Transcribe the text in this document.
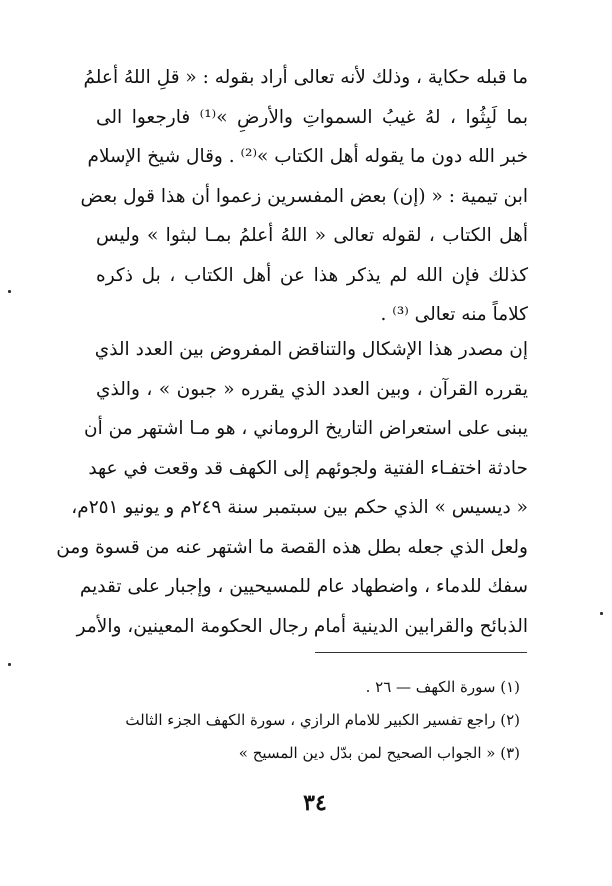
ما قبله حكاية ، وذلك لأنه تعالى أراد بقوله : « قلِ اللهُ أعلمُ
بما لَبِثُوا ، لهُ غيبُ السمواتِ والأرضِ »⁽¹⁾ فارجعوا الى
خبر الله دون ما يقوله أهل الكتاب »⁽²⁾ . وقال شيخ الإسلام
ابن تيمية : « (إن) بعض المفسرين زعموا أن هذا قول بعض
أهل الكتاب ، لقوله تعالى « اللهُ أعلمُ بمـا لبثوا » وليس
كذلك فإن الله لم يذكر هذا عن أهل الكتاب ، بل ذكره
كلاماً منه تعالى ⁽³⁾ .
إن مصدر هذا الإشكال والتناقض المفروض بين العدد الذي
يقرره القرآن ، وبين العدد الذي يقرره « جبون » ، والذي
يبنى على استعراض التاريخ الروماني ، هو مـا اشتهر من أن
حادثة اختفـاء الفتية ولجوئهم إلى الكهف قد وقعت في عهد
« ديسيس » الذي حكم بين سبتمبر سنة ٢٤٩م و يونيو ٢٥١م،
ولعل الذي جعله بطل هذه القصة ما اشتهر عنه من قسوة ومن
سفك للدماء ، واضطهاد عام للمسيحيين ، وإجبار على تقديم
الذبائح والقرابين الدينية أمام رجال الحكومة المعينين، والأمر
(١) سورة الكهف — ٢٦ .
(٢) راجع تفسير الكبير للامام الرازي ، سورة الكهف الجزء الثالث
(٣) « الجواب الصحيح لمن بدّل دين المسيح »
٣٤
